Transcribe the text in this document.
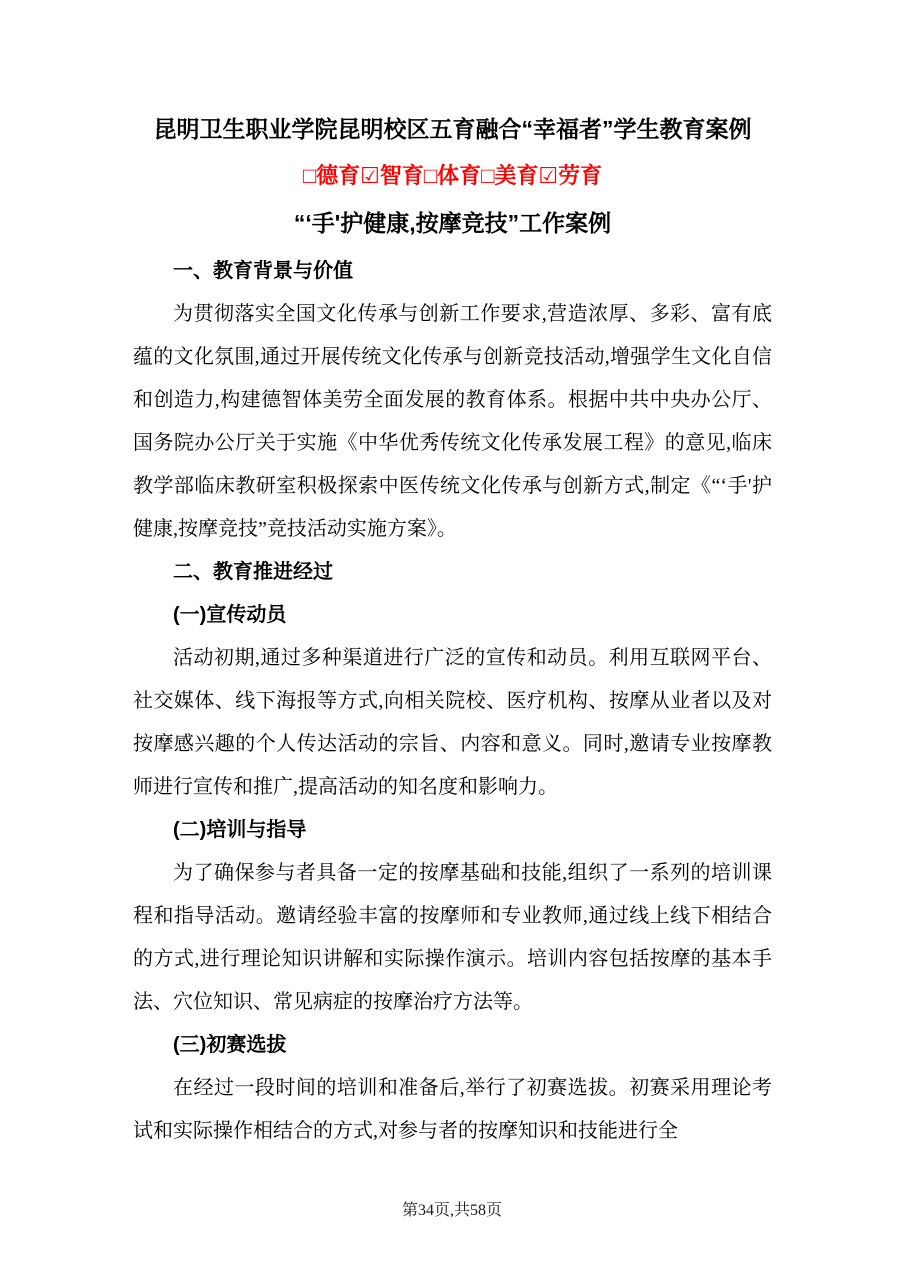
昆明卫生职业学院昆明校区五育融合“幸福者”学生教育案例
□德育☑智育□体育□美育☑劳育
“‘手'护健康,按摩竞技”工作案例
一、教育背景与价值

为贯彻落实全国文化传承与创新工作要求,营造浓厚、多彩、富有底蕴的文化氛围,通过开展传统文化传承与创新竞技活动,增强学生文化自信和创造力,构建德智体美劳全面发展的教育体系。根据中共中央办公厅、国务院办公厅关于实施《中华优秀传统文化传承发展工程》的意见,临床教学部临床教研室积极探索中医传统文化传承与创新方式,制定《“‘手'护健康,按摩竞技”竞技活动实施方案》。

二、教育推进经过
(一)宣传动员

活动初期,通过多种渠道进行广泛的宣传和动员。利用互联网平台、社交媒体、线下海报等方式,向相关院校、医疗机构、按摩从业者以及对按摩感兴趣的个人传达活动的宗旨、内容和意义。同时,邀请专业按摩教师进行宣传和推广,提高活动的知名度和影响力。

(二)培训与指导

为了确保参与者具备一定的按摩基础和技能,组织了一系列的培训课程和指导活动。邀请经验丰富的按摩师和专业教师,通过线上线下相结合的方式,进行理论知识讲解和实际操作演示。培训内容包括按摩的基本手法、穴位知识、常见病症的按摩治疗方法等。

(三)初赛选拔

在经过一段时间的培训和准备后,举行了初赛选拔。初赛采用理论考试和实际操作相结合的方式,对参与者的按摩知识和技能进行全

第34页,共58页
